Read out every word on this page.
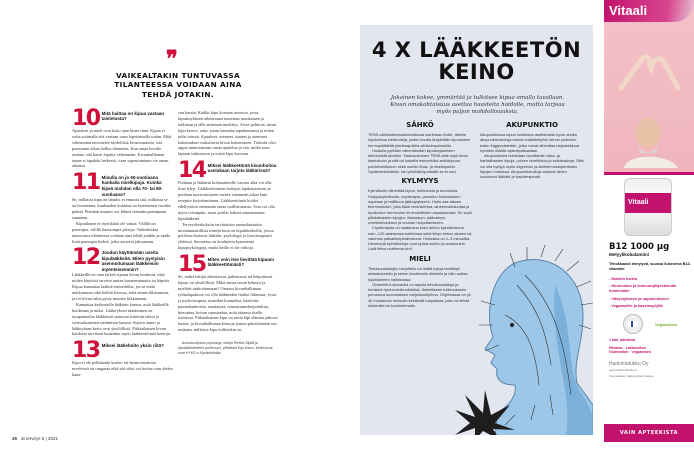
❞
VAIKEALTAKIN TUNTUVASSA TILANTEESSA VOIDAAN AINA TEHDÄ JOTAKIN.
10 Mitä haittaa on kipua vastaan taistelusta?

Ajatukset ja mieli ovat koko ajan läsnä siinä. Kipua ei voita sotimalla sitä vastaan vaan lopettamalla sodan. Mitä vähemmän tavoittelee täydellistä kivuttomuutta, sitä paremmin alkaa hallita tilannetta. Kun antaa kivulle rauhan, sitä kärsii lopulta vähemmän. Kivunhallinnan tunne ei tapahdu hetkessä, vaan sopeutuminen vie oman aikansa.

11 Minulla on jo 60-vuotiaana hankalia nivelkipuja. Kuinka kipeä mahdan olla 70- tai 80-vuotiaana?

Se, millaista kipu on tänään, ei ennusta sitä, millaista se on huomenna, kuukauden kuluttua tai kymmenen vuoden päästä. Pienikin muutos voi lähteä viemään parempaan suuntaan.

Kiputilanne ei myöskään ole vakaa. Välillä on parempia, välillä huonompia jaksoja. Vaikealtakin tuntuvassa tilanteessa voidaan aina tehdä jotakin ja saada lisää parempia hetkiä, jotka auttavat jaksamaan.

12 Joudun käyttämään useita kipulääkkeitä. Miten pystyisin asennoitumaan lääkkeisiin myönteisemmin?

Lääkkeillä on oma tärkeä sijansa kivun hoidossa, eikä niiden käytöstä tarvitse tuntea huonommuutta tai häpeää. Kipua kannattaa lääkitä esimerkiksi, jos se estää nukkumasta eikä hellitä levossa, sekä ennen liikkumista, jos ei kivun takia pysty muuten liikkumaan.

Kannattaa keskustella lääkärin kanssa, mitä lääkkeillä hoidetaan ja miksi. Lääkityksen säätäminen on tasapainoilua lääkkeistä saatavan riittävän tehon ja sivuvaikutusten sietämisen kanssa. Sopiva annos ja lääkityksen kesto ovat yksilöllisiä. Pitkäaikaisen kivun hoidossa tarvitaan kuitenkin myös lääkkeettömiä keinoja.

13 Miksei lääkehoito yksin riitä?

Kipu ei ole pelkästään kudos- tai hermovauriosta niveleissä tai rangassa eikä sitä siksi voi hoitaa vain yhden kana-

van kautta. Kaikki kipu koetaan aivoissa, jossa kipuärsykkeen aiheuttama tuntemus muokataan ja tulkitaan ja sille annetaan merkitys. Aivot pohtivat, mistä kipu kertoo, onko jotain kamalaa tapahtumassa ja miten tulisi toimia. Ajatukset, asenteet, tunteet ja aiemmat kokemukset vaikuttavat kivun kokemiseen. Tärkeää olisi oppia tunnistamaan omaa ajattelua ja sitä, mitkä asiat kipuun vaikuttavat ja mistä kipu koostuu.

14 Miksei lääkkeetöntä kivunhoitoa useinkaan tarjota lääkärissä?

Potilaan ja lääkärin kohtaamiselle varattu aika voi olla liian lyhyt. Lääkkeettömien hoitojen läpikäymiseen ja potilaan motivoimiseen menee enemmän aikaa kuin reseptin kirjoittamiseen. Lääkkeettömät hoidot edellyttävät enemmän omaa osallistumista. Asia voi olla myös toisinpäin: moni potilas haluaa nimenomaan kipulääkettä.

Terveyskeskuksiin tarvittaisiin samanlaistaisia moniammatillisia tiimejä kuin on kipuklinikoilla, joissa potilasta hoitavat lääkärit, psykologit ja fysioterapeutit yhdessä. Suomessa on koulutettu kymmeniä kipupsykologeja, mutta heille ei ole virkoja.

15 Miten voin itse lievittää kipuani lääkkeettömästi?

Se, mitkä tekijät aiheuttavat, pahentavat tai helpottavat kipua, on yksilöllistä. Mikä auttaa sinun kehoasi ja mieltäsi rauhoittumaan? Omassa kivunhallinnan työkalupakissa voi olla lääkkeiden lisäksi liikuntaa, fysio- ja psykoterapiaa, musiikin kuuntelua, käsitöitä, puutarhanhoitoa, maalausta, rentoutumisharjoituksia, hierontaa, kotran rapsuttelua, mitä tahansa itselle toimivaa. Pitkäaikainen kipu on usein läpi elämän jatkuva haaste, ja kivunhallinnan keinoja joutuu päivittämään sen mukaan, millaista kipu kulloinkin on.

Asiantuntijoina psykologi, tutkija Reetta Sipilä ja kipulääketieteen professori, ylilääkäri Eija Kalso. Molemmat ovat HYKS:n Kipuklinikalta.

26 at terveys 5 | 2021
4 X LÄÄKKEETÖN KEINO
Jokainen kokee, ymmärtää ja tulkitsee kipua omalla tavallaan. Kivun omakohtaisuus asettaa haasteita hoidolle, mutta tarjoaa myös paljon mahdollisuuksia.
SÄHKÖ

TENS-sähköstimulaatiohoidossa asetetaan iholle, lähelle kipukohtaa elektrodeja, joiden kautta ärsytetään kipualueen hermopäätteitä pienitaajuisilla sähköimpulsseilla.

Hoidolla pyritään vähentämään kipuärsykkeiden etenemistä aivoihin. Taskukokoinen TENS-laite sopii kivun itsehoitoon ja sitä voi kokeilla esimerkiksi selkäkipuun, polvinivelrikkoon sekä muihin lihas- ja nivelkipuihin. Sydämentahdistin- tai rytmihäiriöpotilaille se ei sovi.

KYLMYYS

Kylmähoito vähentää kipua, tulehdusta ja turvotusta. Huippukylmähoito, cryoterapia, perustuu ihokudoksen nopeaan ja hallittuun jäähdytykseen. Hoito saa aikaan thermoshokin, joka lisää verenkiertoa, aineenvaihduntaa ja hyvänolon hormonien eli endorfiinien vapautumista. Se sopii pitkäaikaisten kipujen, lihassäryn, päänsäryn, niveltulehduksen ja reuman helpottamiseen.

Cryoterapiaa on saatavana koko kehon kylmähoitona noin -120-asteisessa kabiinissa sekä tietyn kehon alueen tai vamman paikallishylmähoitona. Hoitoaika on 1–3 minuuttia. Lievempiä kylmähoitoja ovat kylmä suihku ja avantouinti.

Lisää tietoa osoitteesta ctn.fi.

MIELI

Tietoisuustaitojen harjoittelu voi lisätä kykyä keskittyä arkiaskareisiin ja kehon kivuttomiin alueisiin ja näin auttaa kiputilanteen hallinnassa.

Oivamieli.fi-sivustolla on tarjolla tietoisuustaitoja ja henkistä hyvinvointia edistävä, tieteelliseen tutkimukseen perustuva suomalainen harjoitusohjelma. Ohjelmassa on yli 40 muutaman minuutin kestävää harjoitusta, joita voi tehdä lukemalla tai kuuntelemalla.

AKUPUNKTIO

Akupunktiossa kipua hoidetaan asettamalla hyvin ohuita akupunktioneuloja tarkoin määriteltyihin kehon pisteisiin, kuten triggerpisteisiin, jotka voivat aiheuttaa heijastekipua hyvinkin etäälle sijaintipaikastaan.

Akupunktiolla hoidetaan tavallisesti niska- ja hartialihasten kipuja, polven nivelrikkoa ja selkävaivoja. Siitä voi olla hyötyä myös migreenin ja äärihermostoperäisten kipujen hoidossa. Akupunktiohoitoja antavat siihen koulutetut lääkärit ja fysioterapeutit.

Vitaali
Vitaali
B12 1000 µg
Metyylikobalamiini
Tehokkaasti imeytyvä, suussa liukeneva B12-vitamiini
- Muistin tueksi
- Hermoston ja immuunijärjestelmän toiminnalle
- Väsymykseen ja uupumukseen
- Vegaaneille ja kasvissyöjille
Vegaaninen
1 tabl. päivässä
Hiivaton · Laktoositon
Gluteeniton · Vegaaninen
Hankintatukku Oy
www.hankintatukku.fi
Suomalaisen lääketehtaan laatua
VAIN APTEEKISTA
